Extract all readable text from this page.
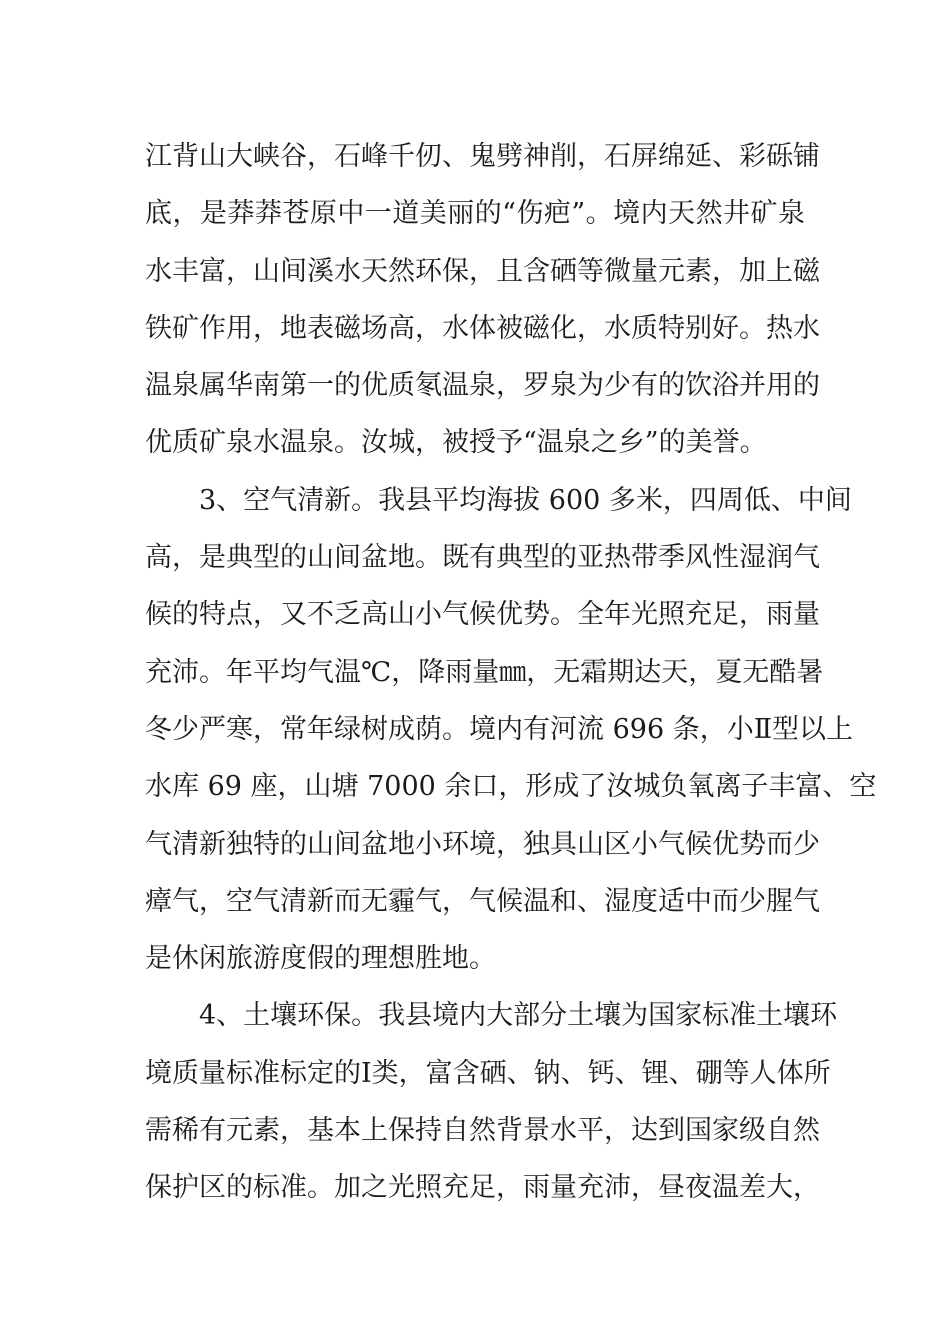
江背山大峡谷，石峰千仞、鬼劈神削，石屏绵延、彩砾铺
底，是莽莽苍原中一道美丽的“伤疤”。境内天然井矿泉
水丰富，山间溪水天然环保，且含硒等微量元素，加上磁
铁矿作用，地表磁场高，水体被磁化，水质特别好。热水
温泉属华南第一的优质氡温泉，罗泉为少有的饮浴并用的
优质矿泉水温泉。汝城，被授予“温泉之乡”的美誉。
3、空气清新。我县平均海拔 600 多米，四周低、中间
高，是典型的山间盆地。既有典型的亚热带季风性湿润气
候的特点，又不乏高山小气候优势。全年光照充足，雨量
充沛。年平均气温℃，降雨量㎜，无霜期达天，夏无酷暑
冬少严寒，常年绿树成荫。境内有河流 696 条，小Ⅱ型以上
水库 69 座，山塘 7000 余口，形成了汝城负氧离子丰富、空
气清新独特的山间盆地小环境，独具山区小气候优势而少
瘴气，空气清新而无霾气，气候温和、湿度适中而少腥气
是休闲旅游度假的理想胜地。
4、土壤环保。我县境内大部分土壤为国家标准土壤环
境质量标准标定的Ⅰ类，富含硒、钠、钙、锂、硼等人体所
需稀有元素，基本上保持自然背景水平，达到国家级自然
保护区的标准。加之光照充足，雨量充沛，昼夜温差大，
